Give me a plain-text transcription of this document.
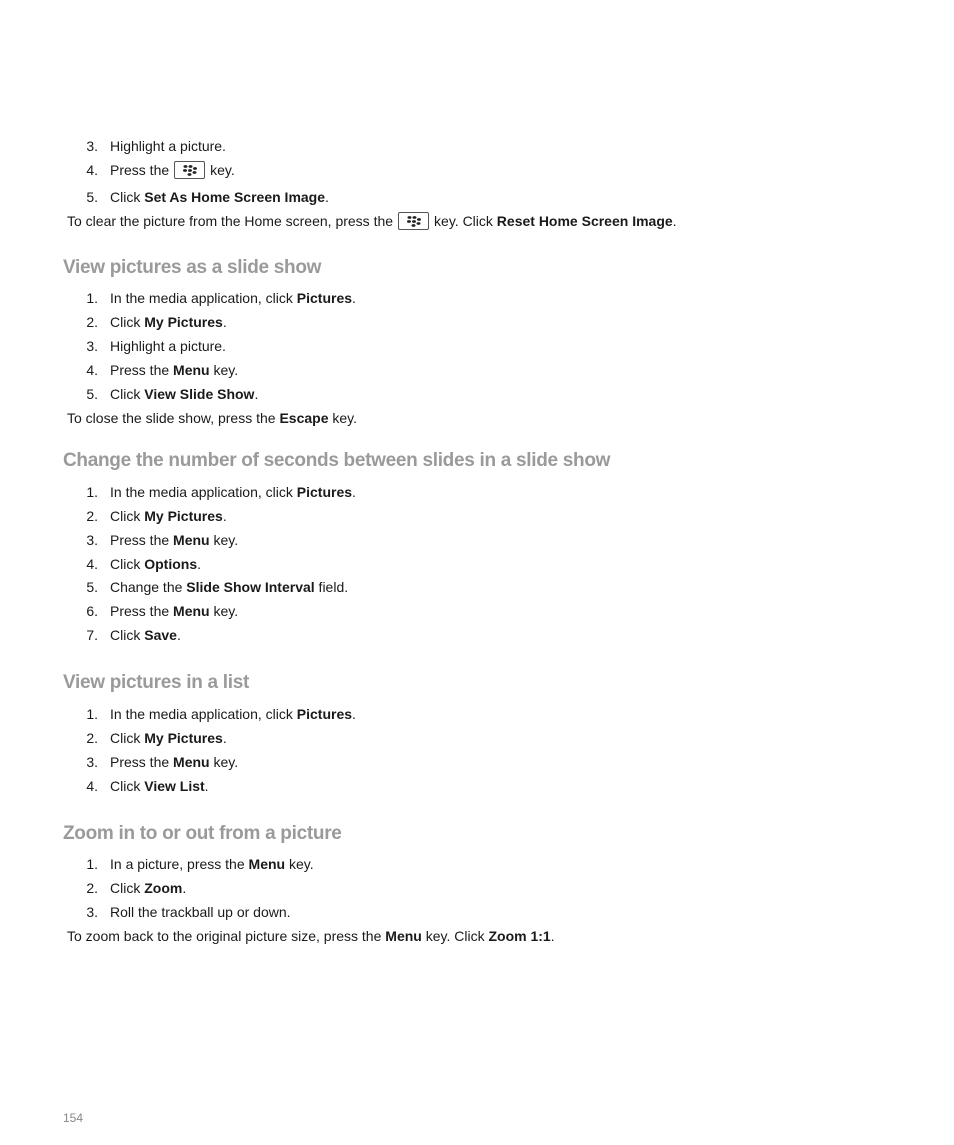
3. Highlight a picture.
4. Press the	key.
5. Click Set As Home Screen Image.
To clear the picture from the Home screen, press the	key. Click Reset Home Screen Image.
View pictures as a slide show
1. In the media application, click Pictures.
2. Click My Pictures.
3. Highlight a picture.
4. Press the Menu key.
5. Click View Slide Show.
To close the slide show, press the Escape key.
Change the number of seconds between slides in a slide show
1. In the media application, click Pictures.
2. Click My Pictures.
3. Press the Menu key.
4. Click Options.
5. Change the Slide Show Interval field.
6. Press the Menu key.
7. Click Save.
View pictures in a list
1. In the media application, click Pictures.
2. Click My Pictures.
3. Press the Menu key.
4. Click View List.
Zoom in to or out from a picture
1. In a picture, press the Menu key.
2. Click Zoom.
3. Roll the trackball up or down.
To zoom back to the original picture size, press the Menu key. Click Zoom 1:1.
154
